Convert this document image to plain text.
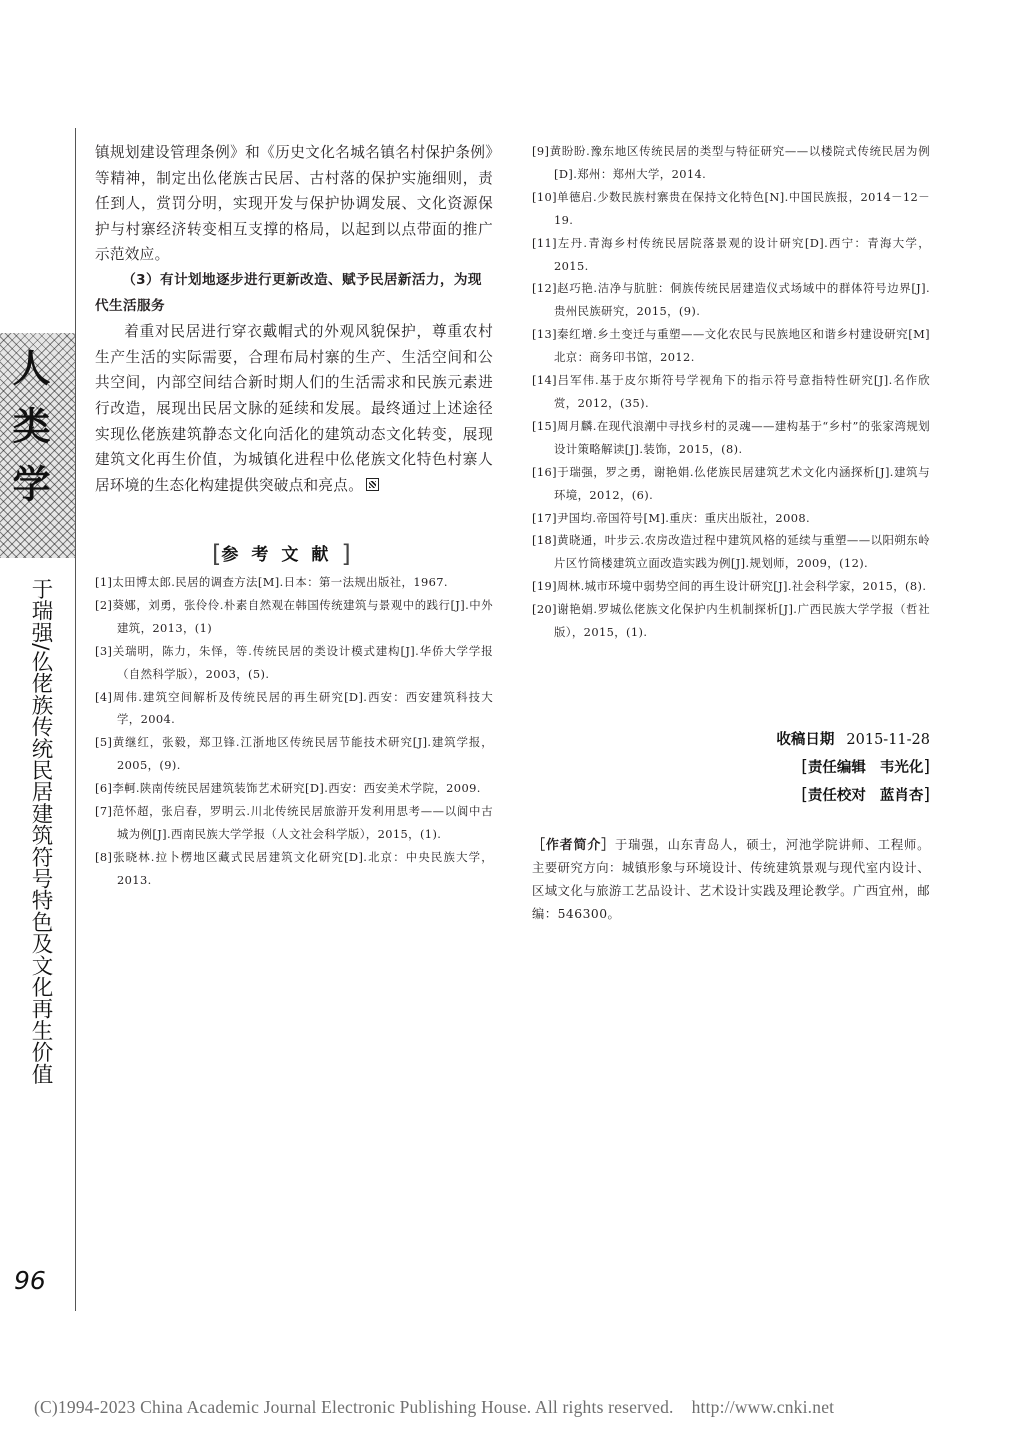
人类学
于瑞强/仫佬族传统民居建筑符号特色及文化再生价值
96

镇规划建设管理条例》和《历史文化名城名镇名村保护条例》等精神，制定出仫佬族古民居、古村落的保护实施细则，责任到人，赏罚分明，实现开发与保护协调发展、文化资源保护与村寨经济转变相互支撑的格局，以起到以点带面的推广示范效应。

（3）有计划地逐步进行更新改造、赋予民居新活力，为现代生活服务

着重对民居进行穿衣戴帽式的外观风貌保护，尊重农村生产生活的实际需要，合理布局村寨的生产、生活空间和公共空间，内部空间结合新时期人们的生活需求和民族元素进行改造，展现出民居文脉的延续和发展。最终通过上述途径实现仫佬族建筑静态文化向活化的建筑动态文化转变，展现建筑文化再生价值，为城镇化进程中仫佬族文化特色村寨人居环境的生态化构建提供突破点和亮点。

[参考文献]
[1]太田博太郎.民居的调查方法[M].日本：第一法规出版社，1967.
[2]葵娜，刘勇，张伶伶.朴素自然观在韩国传统建筑与景观中的践行[J].中外建筑，2013，(1)
[3]关瑞明，陈力，朱怿，等.传统民居的类设计模式建构[J].华侨大学学报（自然科学版），2003，(5).
[4]周伟.建筑空间解析及传统民居的再生研究[D].西安：西安建筑科技大学，2004.
[5]黄继红，张毅，郑卫锋.江浙地区传统民居节能技术研究[J].建筑学报，2005，(9).
[6]李軻.陕南传统民居建筑装饰艺术研究[D].西安：西安美术学院，2009.
[7]范怀超，张启春，罗明云.川北传统民居旅游开发利用思考——以阆中古城为例[J].西南民族大学学报（人文社会科学版），2015，(1).
[8]张晓林.拉卜楞地区藏式民居建筑文化研究[D].北京：中央民族大学，2013.
[9]黄盼盼.豫东地区传统民居的类型与特征研究——以楼院式传统民居为例[D].郑州：郑州大学，2014.
[10]单德启.少数民族村寨贵在保持文化特色[N].中国民族报，2014－12－19.
[11]左丹.青海乡村传统民居院落景观的设计研究[D].西宁：青海大学，2015.
[12]赵巧艳.洁净与肮脏：侗族传统民居建造仪式场域中的群体符号边界[J].贵州民族研究，2015，(9).
[13]秦红增.乡土变迁与重塑——文化农民与民族地区和谐乡村建设研究[M]北京：商务印书馆，2012.
[14]吕军伟.基于皮尔斯符号学视角下的指示符号意指特性研究[J].名作欣赏，2012，(35).
[15]周月麟.在现代浪潮中寻找乡村的灵魂——建构基于“乡村”的张家湾规划设计策略解读[J].装饰，2015，(8).
[16]于瑞强，罗之勇，谢艳娟.仫佬族民居建筑艺术文化内涵探析[J].建筑与环境，2012，(6).
[17]尹国均.帝国符号[M].重庆：重庆出版社，2008.
[18]黄晓通，叶步云.农房改造过程中建筑风格的延续与重塑——以阳朔东岭片区竹筒楼建筑立面改造实践为例[J].规划师，2009，(12).
[19]周林.城市环境中弱势空间的再生设计研究[J].社会科学家，2015，(8).
[20]谢艳娟.罗城仫佬族文化保护内生机制探析[J].广西民族大学学报（哲社版），2015，(1).
收稿日期 2015-11-28
[责任编辑 韦光化]
[责任校对 蓝肖杏]
［作者简介］于瑞强，山东青岛人，硕士，河池学院讲师、工程师。主要研究方向：城镇形象与环境设计、传统建筑景观与现代室内设计、区域文化与旅游工艺品设计、艺术设计实践及理论教学。广西宜州，邮编：546300。
(C)1994-2023 China Academic Journal Electronic Publishing House. All rights reserved. http://www.cnki.net
